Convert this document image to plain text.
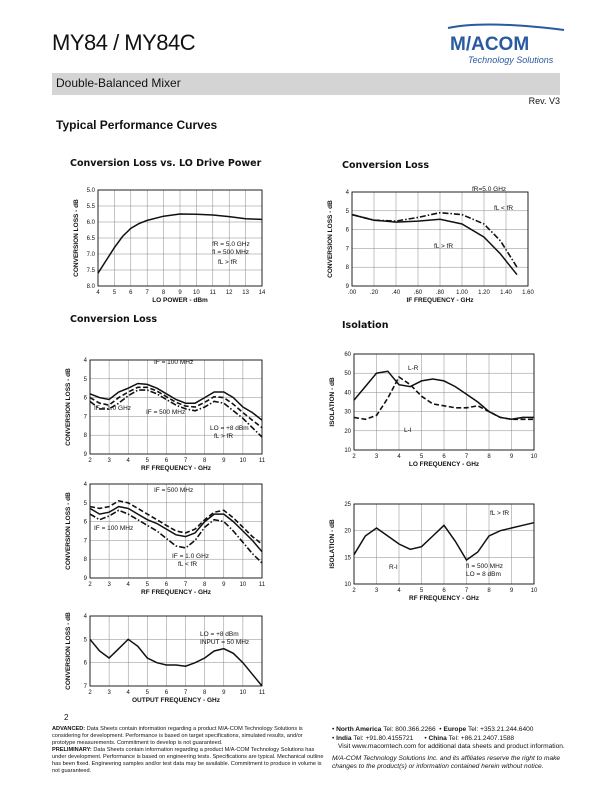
MY84 / MY84C	M/ACOM
Technology Solutions
Double-Balanced Mixer
Rev. V3
Typical Performance Curves
Conversion Loss vs. LO Drive Power	Conversion Loss
Conversion Loss
Isolation
4 5 6 7 8 9 10 11 12 13 14
5.0
5.5
6.0
6.5
7.0
7.5
8.0
LO POWER - dBm
CONVERSION LOSS - dB	fR = 5.0 GHz
fI = 500 MHz
fL > fR
.00 .20 .40 .60 .80 1.00 1.20 1.40 1.60
4
5
6
7
8
9
IF FREQUENCY - GHz
CONVERSION LOSS - dB
fR=5.0 GHz
fL < fR
fL > fR
2	3	4	5	6	7	8	9 10 11
4
5
6
7
8
9
RF FREQUENCY - GHz
CONVERSION LOSS - dB
IF = 100 MHz
IF = 1.0 GHz
IF = 500 MHz
LO = +8 dBm
fL > fR
2	3	4	5	6	7	8	9	10
10
20
30
40
50
60
LO FREQUENCY - GHz
ISOLATION - dB
L-R
L-I
2	3	4	5	6	7	8	9 10 11
4
5
6
7
8
9
RF FREQUENCY - GHz
CONVERSION LOSS - dB
IF = 500 MHz
IF = 100 MHz
IF = 1.0 GHz
fL < fR
2	3	4	5	6	7	8	9	10
10
15
20
25
RF FREQUENCY - GHz
ISOLATION - dB
fL > fR
R-I	fI = 500 MHz
LO = 8 dBm
2	3	4	5	6	7	8	9 10 11
4
5
6
7
OUTPUT FREQUENCY - GHz
CONVERSION LOSS - dB	LO = +8 dBm
INPUT = 50 MHz
2
ADVANCED: Data Sheets contain information regarding a product M/A-COM Technology Solutions is considering for development. Performance is based on target specifications, simulated results, and/or prototype measurements. Commitment to develop is not guaranteed.
PRELIMINARY: Data Sheets contain information regarding a product M/A-COM Technology Solutions has under development. Performance is based on engineering tests. Specifications are typical. Mechanical outline has been fixed. Engineering samples and/or test data may be available. Commitment to produce in volume is not guaranteed.
• North America Tel: 800.366.2266  • Europe Tel: +353.21.244.6400
• India Tel: +91.80.4155721      • China Tel: +86.21.2407.1588
Visit www.macomtech.com for additional data sheets and product information.
M/A-COM Technology Solutions Inc. and its affiliates reserve the right to make changes to the product(s) or information contained herein without notice.
